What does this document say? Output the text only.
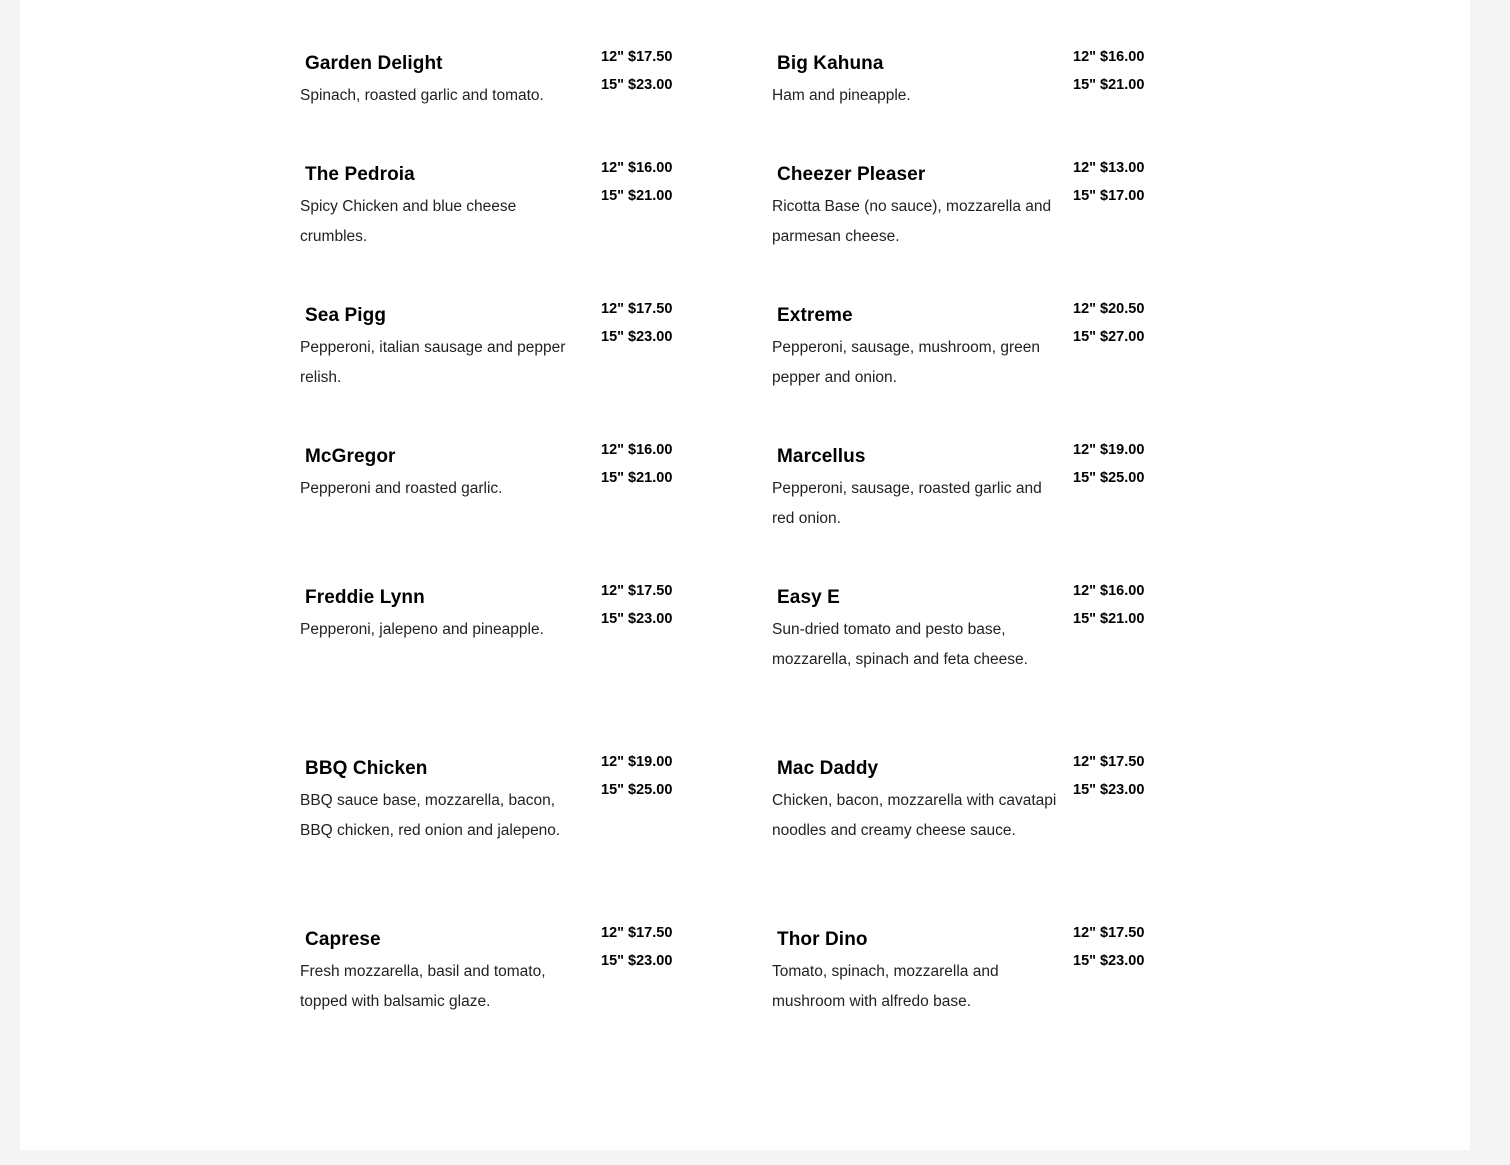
Garden Delight
Spinach, roasted garlic and tomato.
12" $17.50
15" $23.00
The Pedroia
Spicy Chicken and blue cheese crumbles.
12" $16.00
15" $21.00
Sea Pigg
Pepperoni, italian sausage and pepper relish.
12" $17.50
15" $23.00
McGregor
Pepperoni and roasted garlic.
12" $16.00
15" $21.00
Freddie Lynn
Pepperoni, jalepeno and pineapple.
12" $17.50
15" $23.00
BBQ Chicken
BBQ sauce base, mozzarella, bacon, BBQ chicken, red onion and jalepeno.
12" $19.00
15" $25.00
Caprese
Fresh mozzarella, basil and tomato, topped with balsamic glaze.
12" $17.50
15" $23.00
Big Kahuna
Ham and pineapple.
12" $16.00
15" $21.00
Cheezer Pleaser
Ricotta Base (no sauce), mozzarella and parmesan cheese.
12" $13.00
15" $17.00
Extreme
Pepperoni, sausage, mushroom, green pepper and onion.
12" $20.50
15" $27.00
Marcellus
Pepperoni, sausage, roasted garlic and red onion.
12" $19.00
15" $25.00
Easy E
Sun-dried tomato and pesto base, mozzarella, spinach and feta cheese.
12" $16.00
15" $21.00
Mac Daddy
Chicken, bacon, mozzarella with cavatapi noodles and creamy cheese sauce.
12" $17.50
15" $23.00
Thor Dino
Tomato, spinach, mozzarella and mushroom with alfredo base.
12" $17.50
15" $23.00
